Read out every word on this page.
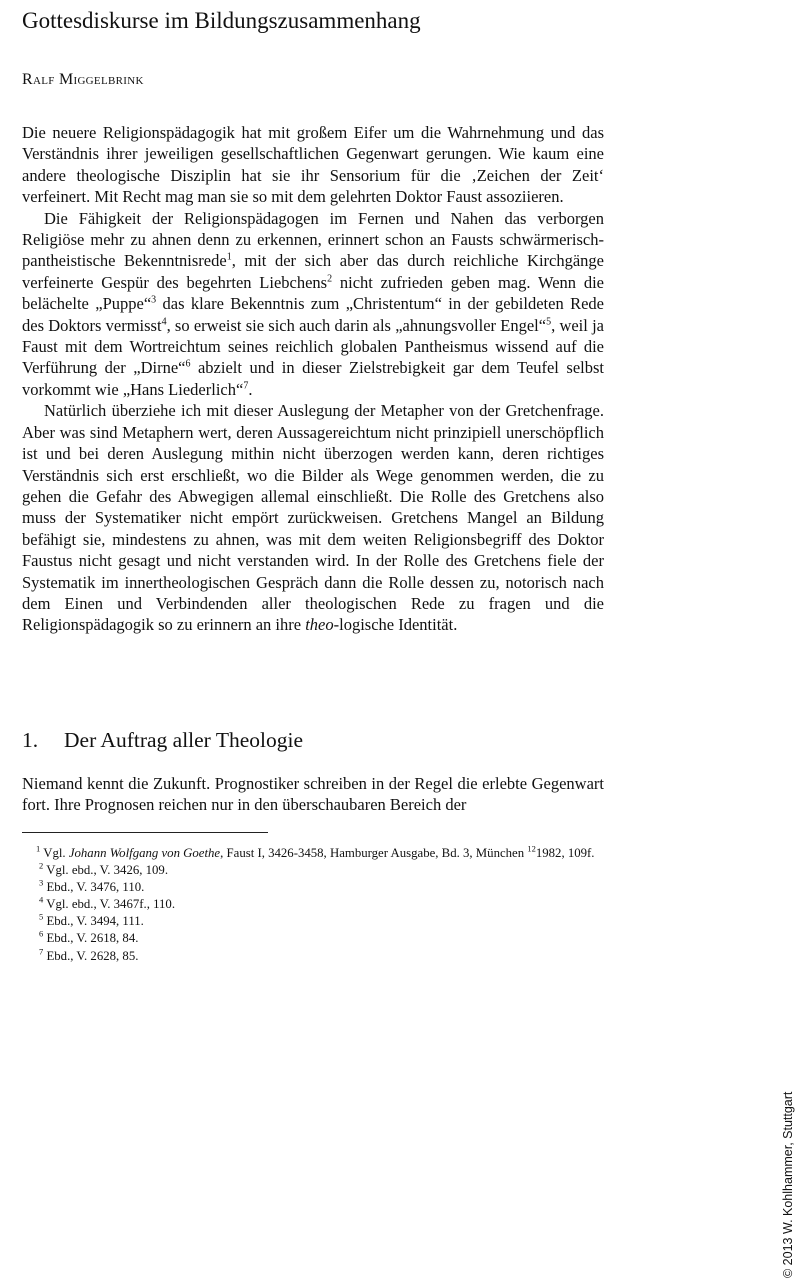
Gottesdiskurse im Bildungszusammenhang
Ralf Miggelbrink

Die neuere Religionspädagogik hat mit großem Eifer um die Wahrnehmung und das Verständnis ihrer jeweiligen gesellschaftlichen Gegenwart gerungen. Wie kaum eine andere theologische Disziplin hat sie ihr Sensorium für die ‚Zeichen der Zeit‘ verfeinert. Mit Recht mag man sie so mit dem gelehrten Doktor Faust assoziieren.

Die Fähigkeit der Religionspädagogen im Fernen und Nahen das verborgen Religiöse mehr zu ahnen denn zu erkennen, erinnert schon an Fausts schwärmerisch-pantheistische Bekenntnisrede$^1$, mit der sich aber das durch reichliche Kirchgänge verfeinerte Gespür des begehrten Liebchens$^2$ nicht zufrieden geben mag. Wenn die belächelte „Puppe“$^3$ das klare Bekenntnis zum „Christentum“ in der gebildeten Rede des Doktors vermisst$^4$, so erweist sie sich auch darin als „ahnungsvoller Engel“$^5$, weil ja Faust mit dem Wortreichtum seines reichlich globalen Pantheismus wissend auf die Verführung der „Dirne“$^6$ abzielt und in dieser Zielstrebigkeit gar dem Teufel selbst vorkommt wie „Hans Liederlich“$^7$.

Natürlich überziehe ich mit dieser Auslegung der Metapher von der Gretchenfrage. Aber was sind Metaphern wert, deren Aussagereichtum nicht prinzipiell unerschöpflich ist und bei deren Auslegung mithin nicht überzogen werden kann, deren richtiges Verständnis sich erst erschließt, wo die Bilder als Wege genommen werden, die zu gehen die Gefahr des Abwegigen allemal einschließt. Die Rolle des Gretchens also muss der Systematiker nicht empört zurückweisen. Gretchens Mangel an Bildung befähigt sie, mindestens zu ahnen, was mit dem weiten Religionsbegriff des Doktor Faustus nicht gesagt und nicht verstanden wird. In der Rolle des Gretchens fiele der Systematik im innertheologischen Gespräch dann die Rolle dessen zu, notorisch nach dem Einen und Verbindenden aller theologischen Rede zu fragen und die Religionspädagogik so zu erinnern an ihre theo-logische Identität.

1. Der Auftrag aller Theologie

Niemand kennt die Zukunft. Prognostiker schreiben in der Regel die erlebte Gegenwart fort. Ihre Prognosen reichen nur in den überschaubaren Bereich der

$^1$ Vgl. Johann Wolfgang von Goethe, Faust I, 3426-3458, Hamburger Ausgabe, Bd. 3, München $^{12}$1982, 109f.
$^2$ Vgl. ebd., V. 3426, 109.
$^3$ Ebd., V. 3476, 110.
$^4$ Vgl. ebd., V. 3467f., 110.
$^5$ Ebd., V. 3494, 111.
$^6$ Ebd., V. 2618, 84.
$^7$ Ebd., V. 2628, 85.
© 2013 W. Kohlhammer, Stuttgart
